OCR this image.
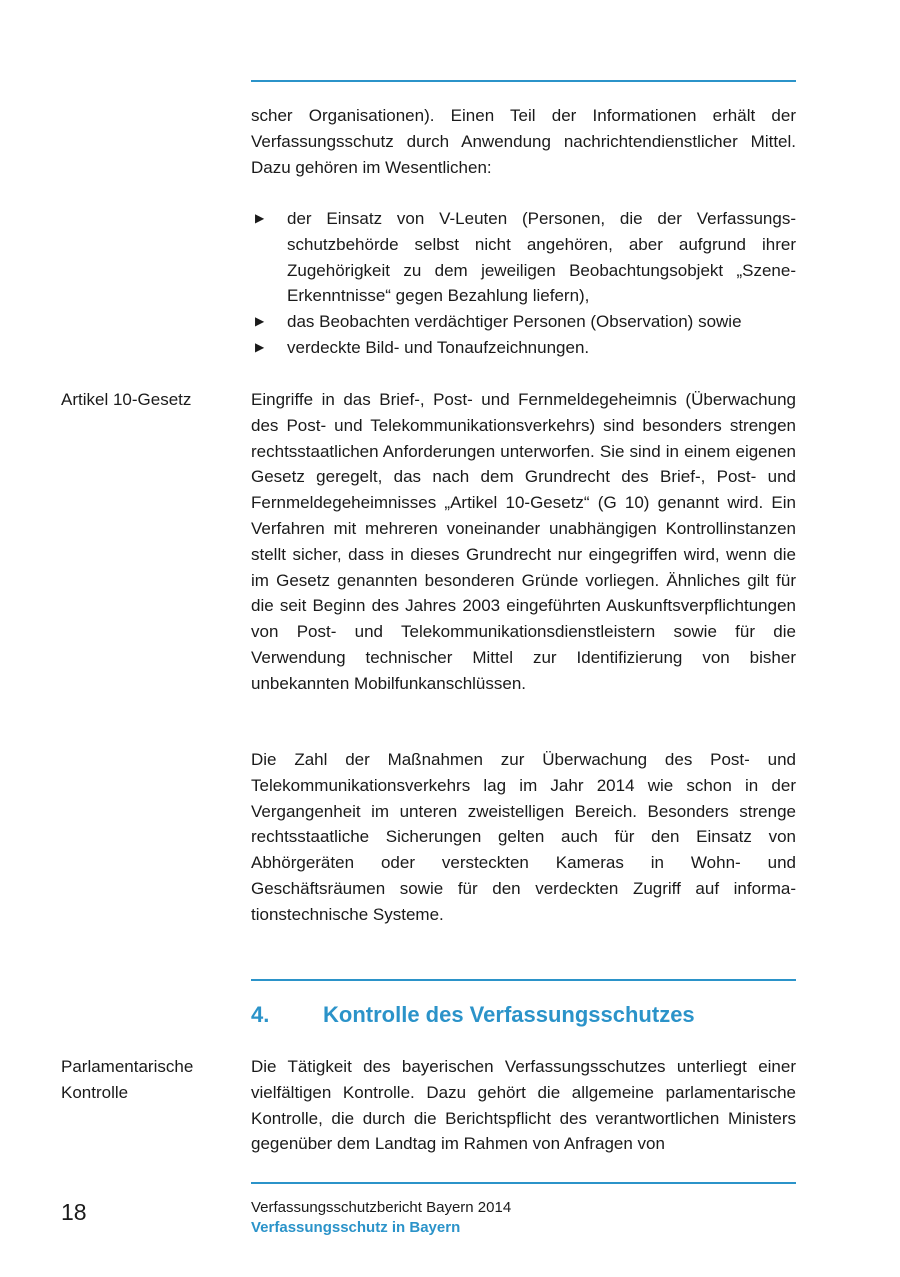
scher Organisationen). Einen Teil der Informationen erhält der Verfassungsschutz durch Anwendung nachrichtendienstlicher Mittel. Dazu gehören im Wesentlichen:

▶ der Einsatz von V-Leuten (Personen, die der Verfassungsschutzbehörde selbst nicht angehören, aber aufgrund ihrer Zugehörigkeit zu dem jeweiligen Beobachtungsobjekt „Szene- Erkenntnisse“ gegen Bezahlung liefern),
▶ das Beobachten verdächtiger Personen (Observation) sowie
▶ verdeckte Bild- und Tonaufzeichnungen.

Artikel 10-Gesetz	Eingriffe in das Brief-, Post- und Fernmeldegeheimnis (Überwachung des Post- und Telekommunikationsverkehrs) sind besonders strengen rechtsstaatlichen Anforderungen unterworfen. Sie sind in einem eigenen Gesetz geregelt, das nach dem Grundrecht des Brief-, Post- und Fernmeldegeheimnisses „Artikel 10-Gesetz“ (G 10) genannt wird. Ein Verfahren mit mehreren voneinander unabhängigen Kontrollinstanzen stellt sicher, dass in dieses Grundrecht nur eingegriffen wird, wenn die im Gesetz genannten besonderen Gründe vorliegen. Ähnliches gilt für die seit Beginn des Jahres 2003 eingeführten Auskunftsverpflichtungen von Post- und Telekommunikationsdienstleistern sowie für die Verwendung technischer Mittel zur Identifizierung von bisher unbekannten Mobilfunkanschlüssen.

Die Zahl der Maßnahmen zur Überwachung des Post- und Telekommunikationsverkehrs lag im Jahr 2014 wie schon in der Vergangenheit im unteren zweistelligen Bereich. Besonders strenge rechtsstaatliche Sicherungen gelten auch für den Einsatz von Abhörgeräten oder versteckten Kameras in Wohn- und Geschäftsräumen sowie für den verdeckten Zugriff auf informationstechnische Systeme.

4. Kontrolle des Verfassungsschutzes

Parlamentarische
Kontrolle

Die Tätigkeit des bayerischen Verfassungsschutzes unterliegt einer vielfältigen Kontrolle. Dazu gehört die allgemeine parlamentarische Kontrolle, die durch die Berichtspflicht des verantwortlichen Ministers gegenüber dem Landtag im Rahmen von Anfragen von

18	Verfassungsschutzbericht Bayern 2014
Verfassungsschutz in Bayern
